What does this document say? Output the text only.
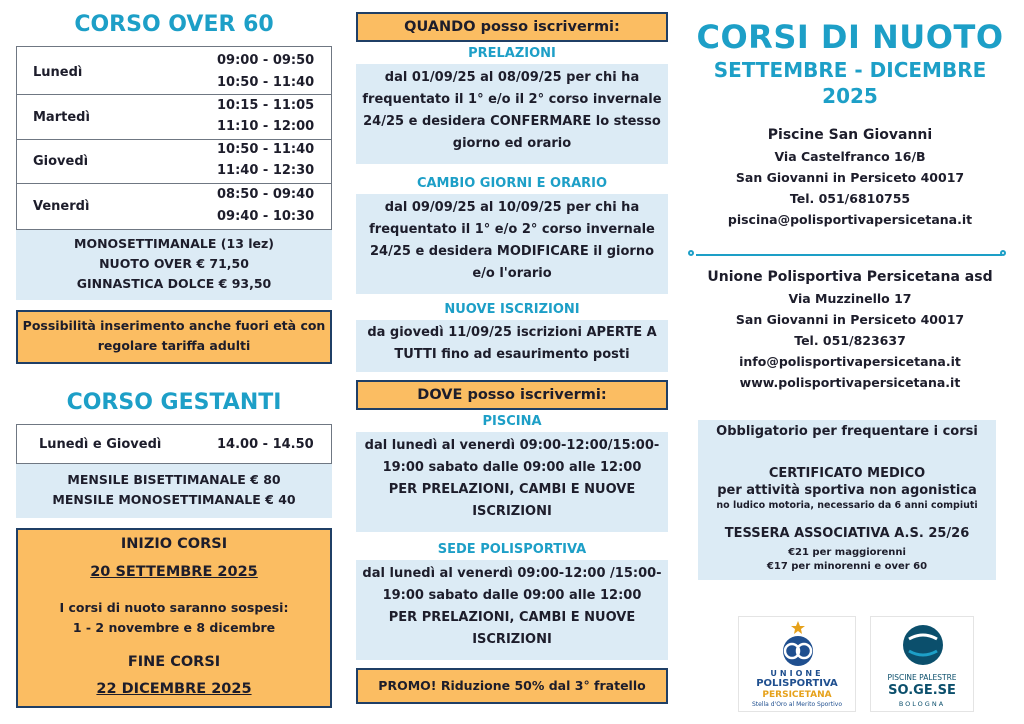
CORSO OVER 60
Lunedì
09:00 - 09:50
10:50 - 11:40
Martedì
10:15 - 11:05
11:10 - 12:00
Giovedì
10:50 - 11:40
11:40 - 12:30
Venerdì
08:50 - 09:40
09:40 - 10:30
MONOSETTIMANALE (13 lez)
NUOTO OVER € 71,50
GINNASTICA DOLCE € 93,50
Possibilità inserimento anche fuori età con
regolare tariffa adulti
CORSO GESTANTI
Lunedì e Giovedì	14.00 - 14.50
MENSILE BISETTIMANALE € 80
MENSILE MONOSETTIMANALE € 40
INIZIO CORSI
20 SETTEMBRE 2025
I corsi di nuoto saranno sospesi:
1 - 2 novembre e 8 dicembre
FINE CORSI
22 DICEMBRE 2025
QUANDO posso iscrivermi:
PRELAZIONI
dal 01/09/25 al 08/09/25 per chi ha
frequentato il 1° e/o il 2° corso invernale
24/25 e desidera CONFERMARE lo stesso
giorno ed orario
CAMBIO GIORNI E ORARIO
dal 09/09/25 al 10/09/25 per chi ha
frequentato il 1° e/o 2° corso invernale
24/25 e desidera MODIFICARE il giorno
e/o l'orario
NUOVE ISCRIZIONI
da giovedì 11/09/25 iscrizioni APERTE A
TUTTI fino ad esaurimento posti
DOVE posso iscrivermi:
PISCINA
dal lunedì al venerdì 09:00-12:00/15:00-
19:00 sabato dalle 09:00 alle 12:00
PER PRELAZIONI, CAMBI E NUOVE
ISCRIZIONI
SEDE POLISPORTIVA
dal lunedì al venerdì 09:00-12:00 /15:00-
19:00 sabato dalle 09:00 alle 12:00
PER PRELAZIONI, CAMBI E NUOVE
ISCRIZIONI
PROMO! Riduzione 50% dal 3° fratello
CORSI DI NUOTO
SETTEMBRE - DICEMBRE
2025
Piscine San Giovanni
Via Castelfranco 16/B
San Giovanni in Persiceto 40017
Tel. 051/6810755
piscina@polisportivapersicetana.it
Unione Polisportiva Persicetana asd
Via Muzzinello 17
San Giovanni in Persiceto 40017
Tel. 051/823637
info@polisportivapersicetana.it
www.polisportivapersicetana.it
Obbligatorio per frequentare i corsi
CERTIFICATO MEDICO
per attività sportiva non agonistica
no ludico motoria, necessario da 6 anni compiuti
TESSERA ASSOCIATIVA A.S. 25/26
€21 per maggiorenni
€17 per minorenni e over 60
UNIONE
POLISPORTIVA
PERSICETANA
Stella d'Oro al Merito Sportivo
PISCINE PALESTRE
SO.GE.SE
BOLOGNA
